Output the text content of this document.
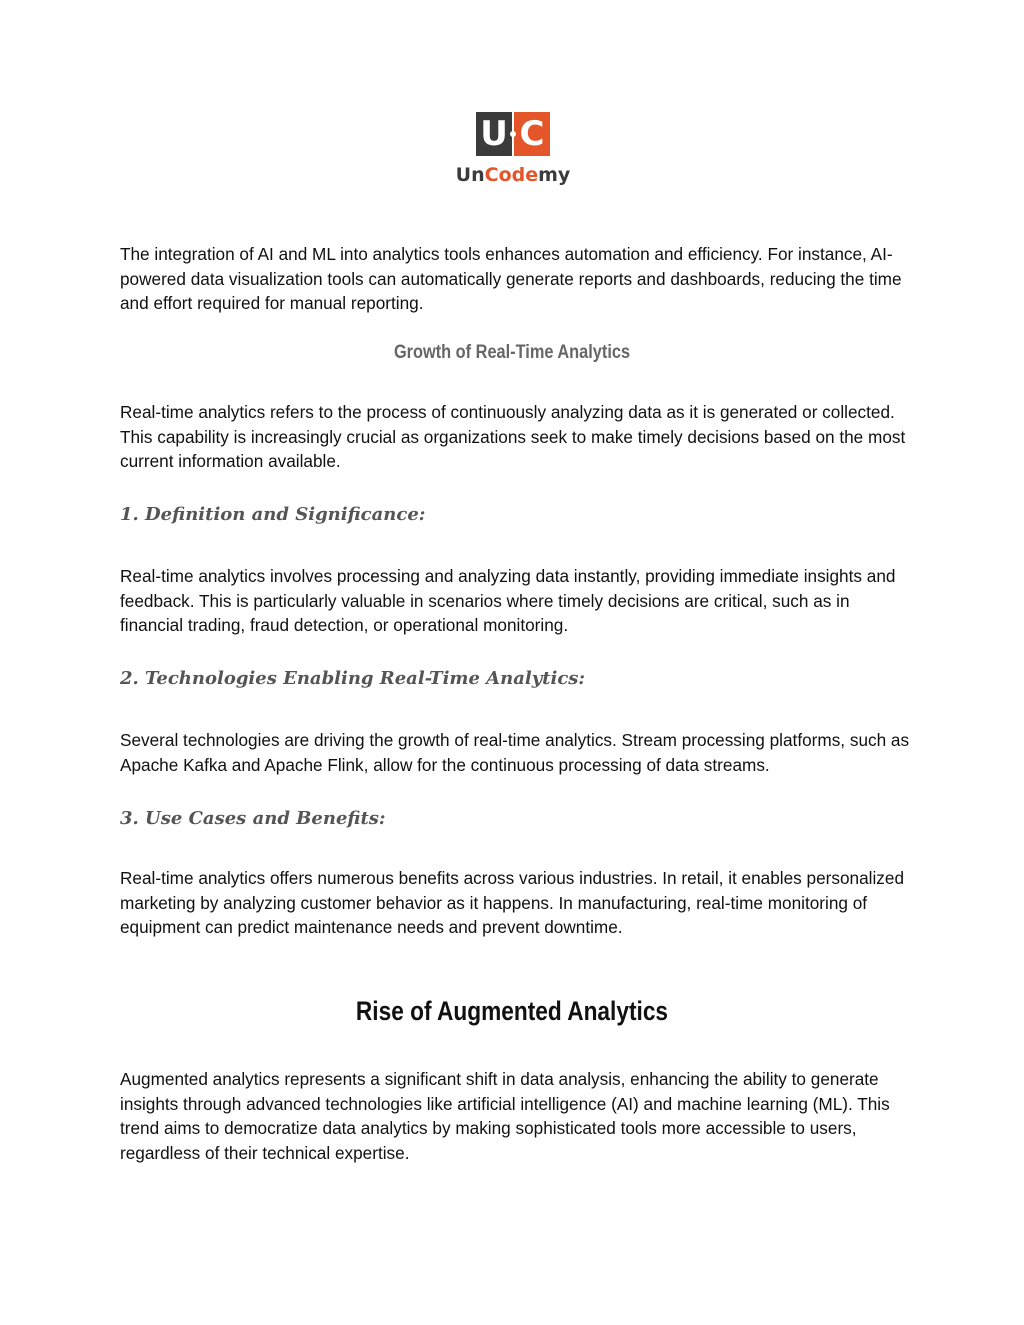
U C
UnCodemy

The integration of AI and ML into analytics tools enhances automation and efficiency. For instance, AI-powered data visualization tools can automatically generate reports and dashboards, reducing the time and effort required for manual reporting.

Growth of Real-Time Analytics

Real-time analytics refers to the process of continuously analyzing data as it is generated or collected. This capability is increasingly crucial as organizations seek to make timely decisions based on the most current information available.

1. Definition and Significance:

Real-time analytics involves processing and analyzing data instantly, providing immediate insights and feedback. This is particularly valuable in scenarios where timely decisions are critical, such as in financial trading, fraud detection, or operational monitoring.

2. Technologies Enabling Real-Time Analytics:

Several technologies are driving the growth of real-time analytics. Stream processing platforms, such as Apache Kafka and Apache Flink, allow for the continuous processing of data streams.

3. Use Cases and Benefits:

Real-time analytics offers numerous benefits across various industries. In retail, it enables personalized marketing by analyzing customer behavior as it happens. In manufacturing, real-time monitoring of equipment can predict maintenance needs and prevent downtime.

Rise of Augmented Analytics

Augmented analytics represents a significant shift in data analysis, enhancing the ability to generate insights through advanced technologies like artificial intelligence (AI) and machine learning (ML). This trend aims to democratize data analytics by making sophisticated tools more accessible to users, regardless of their technical expertise.
